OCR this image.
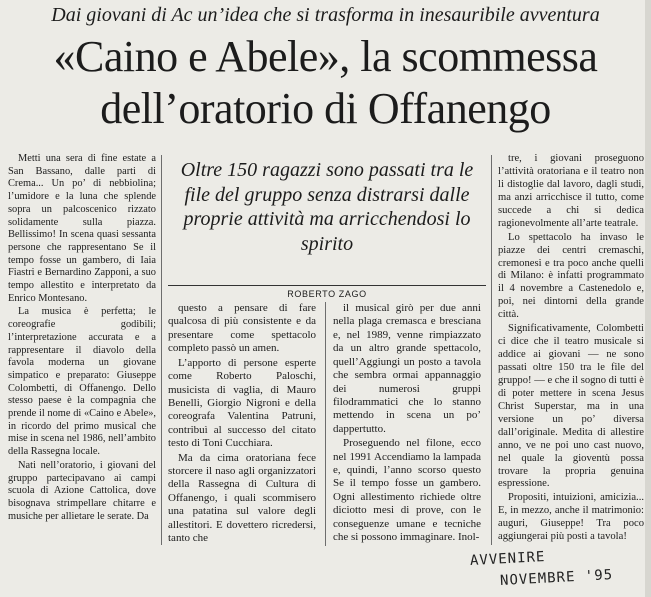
Dai giovani di Ac un’idea che si trasforma in inesauribile avventura
«Caino e Abele», la scommessa
dell’oratorio di Offanengo

Metti una sera di fine estate a San Bassano, dalle parti di Crema... Un po’ di nebbiolina; l’umidore e la luna che splende sopra un palcoscenico rizzato solidamente sulla piazza. Bellissimo! In scena quasi sessanta persone che rappresentano Se il tempo fosse un gambero, di Iaia Fiastri e Bernardino Zapponi, a suo tempo allestito e interpretato da Enrico Montesano.

La musica è perfetta; le coreografie godibili; l’interpretazione accurata e a rappresentare il diavolo della favola moderna un giovane simpatico e preparato: Giuseppe Colombetti, di Offanengo. Dello stesso paese è la compagnia che prende il nome di «Caino e Abele», in ricordo del primo musical che mise in scena nel 1986, nell’ambito della Rassegna locale.

Nati nell’oratorio, i giovani del gruppo partecipavano ai campi scuola di Azione Cattolica, dove bisognava strimpellare chitarre e musiche per allietare le serate. Da

Oltre 150 ragazzi sono passati tra le file del gruppo senza distrarsi dalle proprie attività ma arricchendosi lo spirito
ROBERTO ZAGO

questo a pensare di fare qualcosa di più consistente e da presentare come spettacolo completo passò un amen.

L’apporto di persone esperte come Roberto Paloschi, musicista di vaglia, di Mauro Benelli, Giorgio Nigroni e della coreografa Valentina Patruni, contribuì al successo del citato testo di Toni Cucchiara.

Ma da cima oratoriana fece storcere il naso agli organizzatori della Rassegna di Cultura di Offanengo, i quali scommisero una patatina sul valore degli allestitori. E dovettero ricredersi, tanto che

il musical girò per due anni nella plaga cremasca e bresciana e, nel 1989, venne rimpiazzato da un altro grande spettacolo, quell’Aggiungi un posto a tavola che sembra ormai appannaggio dei numerosi gruppi filodrammatici che lo stanno mettendo in scena un po’ dappertutto.

Proseguendo nel filone, ecco nel 1991 Accendiamo la lampada e, quindi, l’anno scorso questo Se il tempo fosse un gambero. Ogni allestimento richiede oltre diciotto mesi di prove, con le conseguenze umane e tecniche che si possono immaginare. Inol-

tre, i giovani proseguono l’attività oratoriana e il teatro non li distoglie dal lavoro, dagli studi, ma anzi arricchisce il tutto, come succede a chi si dedica ragionevolmente all’arte teatrale.

Lo spettacolo ha invaso le piazze dei centri cremaschi, cremonesi e tra poco anche quelli di Milano: è infatti programmato il 4 novembre a Castenedolo e, poi, nei dintorni della grande città.

Significativamente, Colombetti ci dice che il teatro musicale si addice ai giovani — ne sono passati oltre 150 tra le file del gruppo! — e che il sogno di tutti è di poter mettere in scena Jesus Christ Superstar, ma in una versione un po’ diversa dall’originale. Medita di allestire anno, ve ne poi uno cast nuovo, nel quale la gioventù possa trovare la propria genuina espressione.

Propositi, intuizioni, amicizia... E, in mezzo, anche il matrimonio: auguri, Giuseppe! Tra poco aggiungerai più posti a tavola!

AVVENIRE
NOVEMBRE '95
